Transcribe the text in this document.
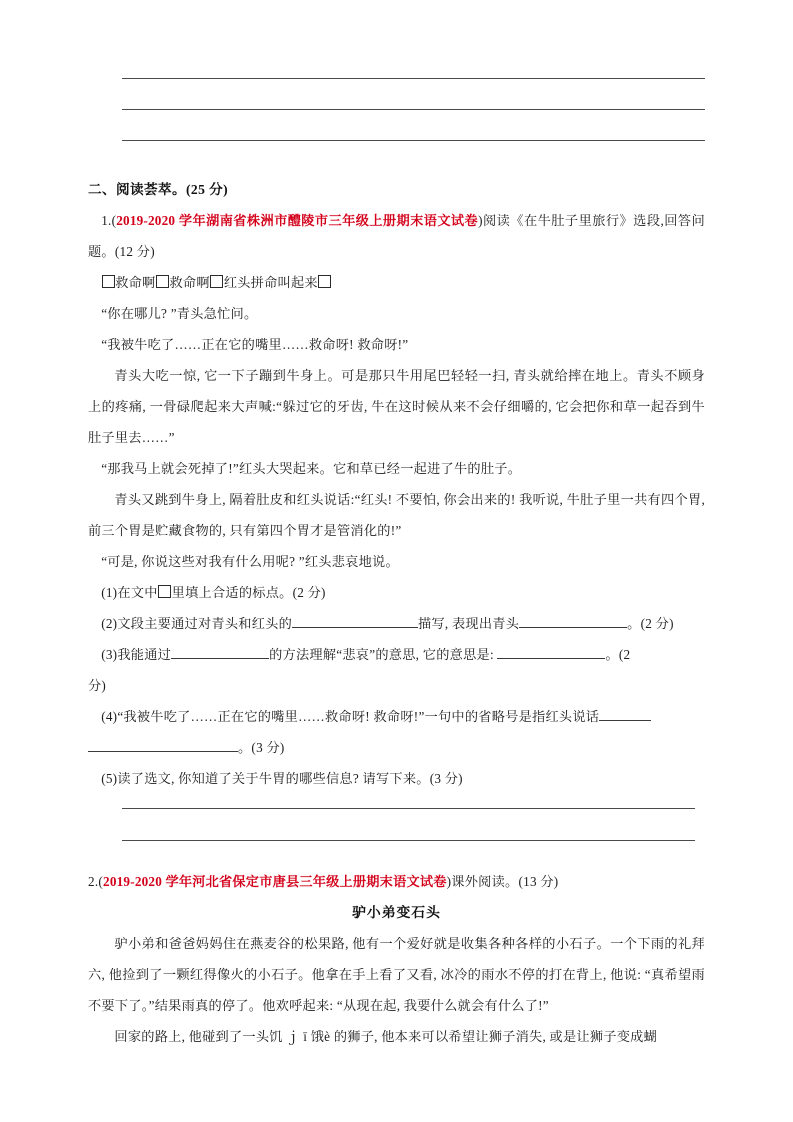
二、阅读荟萃。(25 分)

1.(2019-2020 学年湖南省株洲市醴陵市三年级上册期末语文试卷)阅读《在牛肚子里旅行》选段,回答问题。(12 分)

救命啊 救命啊 红头拼命叫起来

“你在哪儿? ”青头急忙问。

“我被牛吃了……正在它的嘴里……救命呀! 救命呀!”

青头大吃一惊, 它一下子蹦到牛身上。可是那只牛用尾巴轻轻一扫, 青头就给摔在地上。青头不顾身上的疼痛, 一骨碌爬起来大声喊:“躲过它的牙齿, 牛在这时候从来不会仔细嚼的, 它会把你和草一起吞到牛肚子里去……”

“那我马上就会死掉了!”红头大哭起来。它和草已经一起进了牛的肚子。

青头又跳到牛身上, 隔着肚皮和红头说话:“红头! 不要怕, 你会出来的! 我听说, 牛肚子里一共有四个胃, 前三个胃是贮藏食物的, 只有第四个胃才是管消化的!”

“可是, 你说这些对我有什么用呢? ”红头悲哀地说。

(1)在文中 里填上合适的标点。(2 分)

(2)文段主要通过对青头和红头的	描写, 表现出青头	。(2 分)

(3)我能通过	的方法理解“悲哀”的意思, 它的意思是:	。(2

分)

(4)“我被牛吃了……正在它的嘴里……救命呀! 救命呀!”一句中的省略号是指红头说话

。(3 分)

(5)读了选文, 你知道了关于牛胃的哪些信息? 请写下来。(3 分)

2.(2019-2020 学年河北省保定市唐县三年级上册期末语文试卷)课外阅读。(13 分)

驴小弟变石头

驴小弟和爸爸妈妈住在燕麦谷的松果路, 他有一个爱好就是收集各种各样的小石子。一个下雨的礼拜六, 他捡到了一颗红得像火的小石子。他拿在手上看了又看, 冰冷的雨水不停的打在背上, 他说: “真希望雨不要下了。”结果雨真的停了。他欢呼起来: “从现在起, 我要什么就会有什么了!”

回家的路上, 他碰到了一头饥 ｊ ī 饿è 的狮子, 他本来可以希望让狮子消失, 或是让狮子变成蝴
